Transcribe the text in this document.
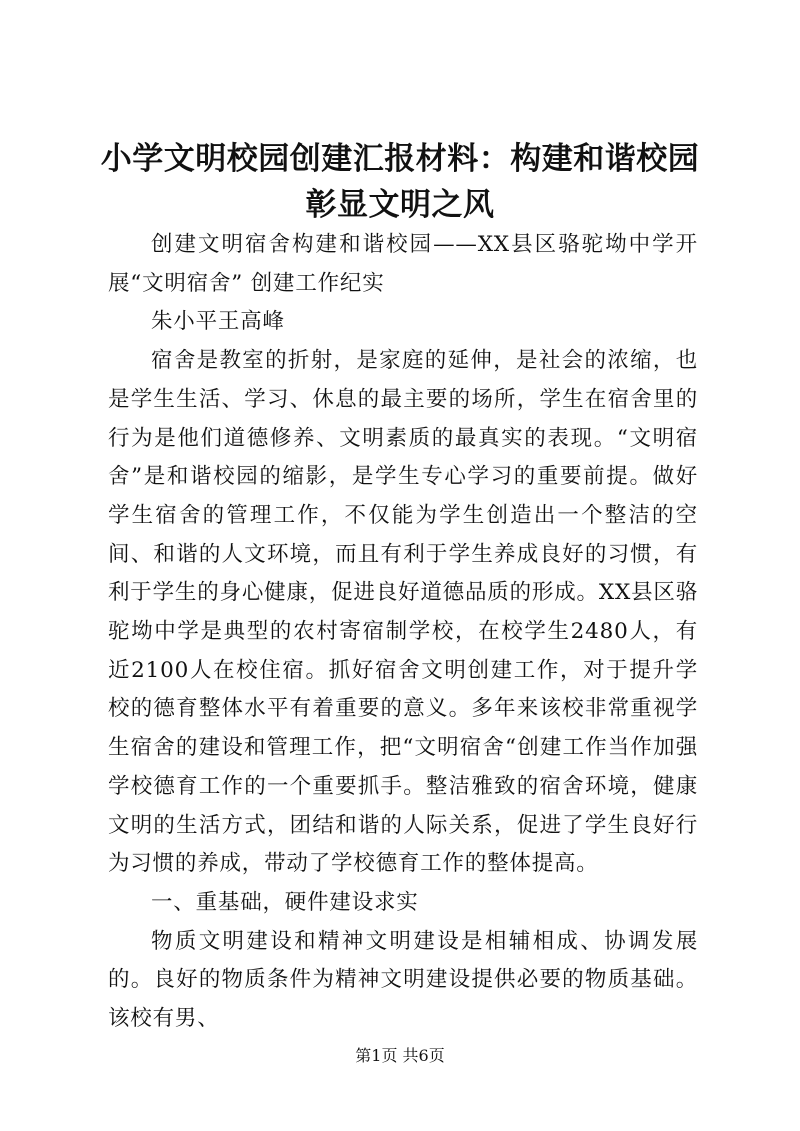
小学文明校园创建汇报材料：构建和谐校园彰显文明之风

创建文明宿舍构建和谐校园——XX县区骆驼坳中学开展“文明宿舍” 创建工作纪实

朱小平王高峰

宿舍是教室的折射，是家庭的延伸，是社会的浓缩，也是学生生活、学习、休息的最主要的场所，学生在宿舍里的行为是他们道德修养、文明素质的最真实的表现。“文明宿舍”是和谐校园的缩影，是学生专心学习的重要前提。做好学生宿舍的管理工作，不仅能为学生创造出一个整洁的空间、和谐的人文环境，而且有利于学生养成良好的习惯，有利于学生的身心健康，促进良好道德品质的形成。XX县区骆驼坳中学是典型的农村寄宿制学校，在校学生2480人，有近2100人在校住宿。抓好宿舍文明创建工作，对于提升学校的德育整体水平有着重要的意义。多年来该校非常重视学生宿舍的建设和管理工作，把“文明宿舍“创建工作当作加强学校德育工作的一个重要抓手。整洁雅致的宿舍环境，健康文明的生活方式，团结和谐的人际关系，促进了学生良好行为习惯的养成，带动了学校德育工作的整体提高。

一、重基础，硬件建设求实

物质文明建设和精神文明建设是相辅相成、协调发展的。良好的物质条件为精神文明建设提供必要的物质基础。该校有男、

第1页 共6页
